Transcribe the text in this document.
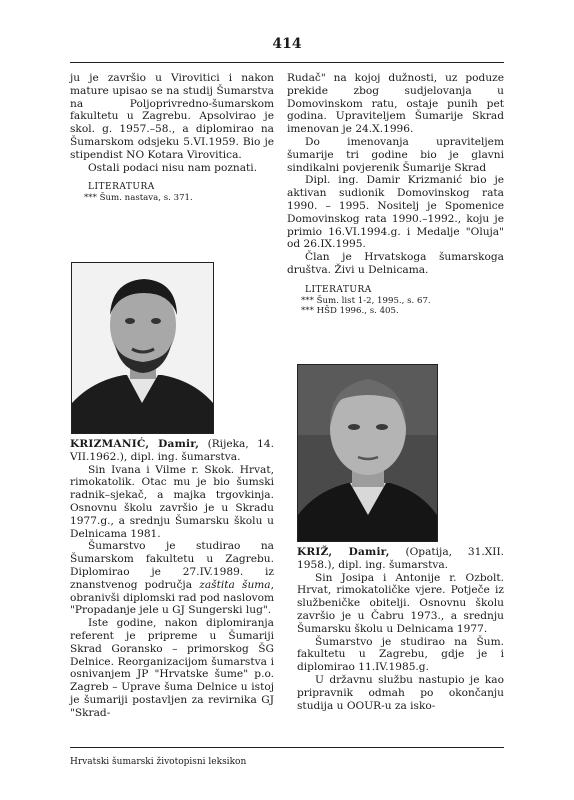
414

ju je završio u Virovitici i nakon mature upisao se na studij Šumarstva na Poljoprivredno-šumarskom fakultetu u Zagrebu. Apsolvirao je skol. g. 1957.–58., a diplomirao na Šumarskom odsjeku 5.VI.1959. Bio je stipendist NO Kotara Virovitica.

Ostali podaci nisu nam poznati.

LITERATURA

*** Šum. nastava, s. 371.

KRIZMANIĆ, Damir, (Rijeka, 14. VII.1962.), dipl. ing. šumarstva.

Sin Ivana i Vilme r. Skok. Hrvat, rimokatolik. Otac mu je bio šumski radnik–sjekač, a majka trgovkinja. Osnovnu školu završio je u Skradu 1977.g., a srednju Šumarsku školu u Delnicama 1981.

Šumarstvo je studirao na Šumarskom fakultetu u Zagrebu. Diplomirao je 27.IV.1989. iz znanstvenog područja zaštita šuma, obranivši diplomski rad pod naslovom "Propadanje jele u GJ Sungerski lug".

Iste godine, nakon diplomiranja referent je pripreme u Šumariji Skrad Goransko – primorskog ŠG Delnice. Reorganizacijom šumarstva i osnivanjem JP "Hrvatske šume" p.o. Zagreb – Uprave šuma Delnice u istoj je šumariji postavljen za revirnika GJ "Skrad-

Rudač" na kojoj dužnosti, uz poduze prekide zbog sudjelovanja u Domovinskom ratu, ostaje punih pet godina. Upraviteljem Šumarije Skrad imenovan je 24.X.1996.

Do imenovanja upraviteljem šumarije tri godine bio je glavni sindikalni povjerenik Šumarije Skrad

Dipl. ing. Damir Krizmanić bio je aktivan sudionik Domovinskog rata 1990. – 1995. Nositelj je Spomenice Domovinskog rata 1990.–1992., koju je primio 16.VI.1994.g. i Medalje "Oluja" od 26.IX.1995.

Član je Hrvatskoga šumarskoga društva. Živi u Delnicama.

LITERATURA

*** Šum. list 1-2, 1995., s. 67.

*** HŠD 1996., s. 405.

KRIŽ, Damir, (Opatija, 31.XII. 1958.), dipl. ing. šumarstva.

Sin Josipa i Antonije r. Ozbolt. Hrvat, rimokatoličke vjere. Potječe iz službeničke obitelji. Osnovnu školu završio je u Čabru 1973., a srednju Šumarsku školu u Delnicama 1977.

Šumarstvo je studirao na Šum. fakultetu u Zagrebu, gdje je i diplomirao 11.IV.1985.g.

U državnu službu nastupio je kao pripravnik odmah po okončanju studija u OOUR-u za isko-

Hrvatski šumarski životopisni leksikon
